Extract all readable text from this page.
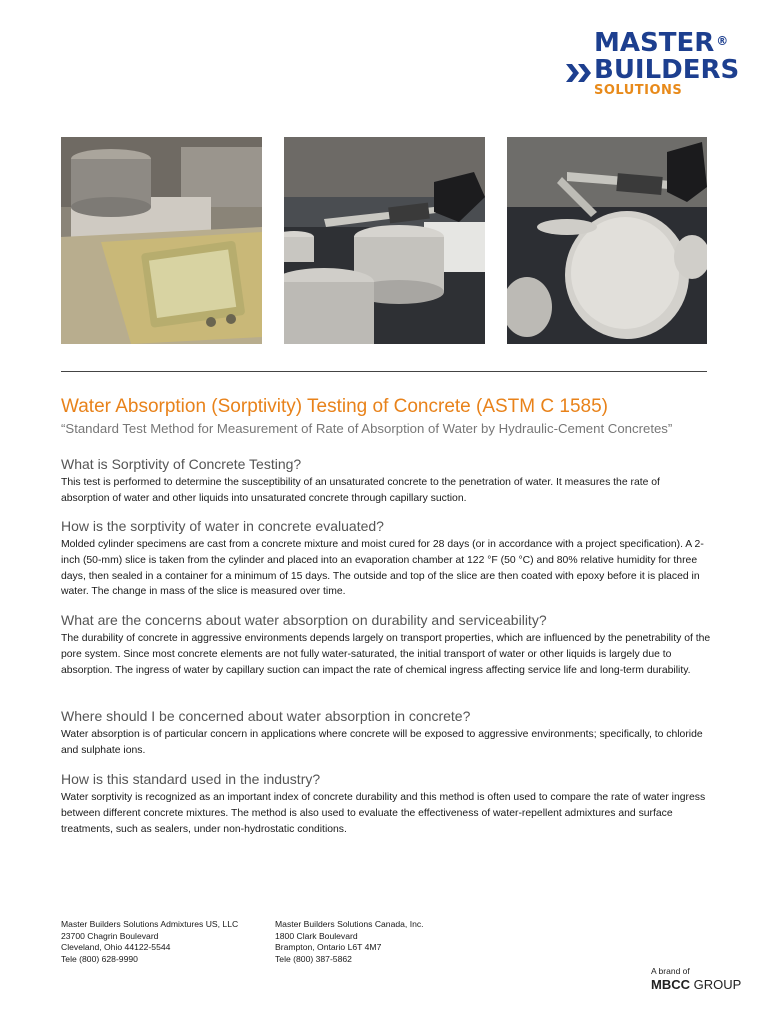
MASTER ®
BUILDERS
SOLUTIONS
Water Absorption (Sorptivity) Testing of Concrete (ASTM C 1585)
“Standard Test Method for Measurement of Rate of Absorption of Water by Hydraulic-Cement Concretes”
What is Sorptivity of Concrete Testing?

This test is performed to determine the susceptibility of an unsaturated concrete to the penetration of water. It measures the rate of absorption of water and other liquids into unsaturated concrete through capillary suction.

How is the sorptivity of water in concrete evaluated?

Molded cylinder specimens are cast from a concrete mixture and moist cured for 28 days (or in accordance with a project specification). A 2-inch (50-mm) slice is taken from the cylinder and placed into an evaporation chamber at 122 °F (50 °C) and 80% relative humidity for three days, then sealed in a container for a minimum of 15 days. The outside and top of the slice are then coated with epoxy before it is placed in water. The change in mass of the slice is measured over time.

What are the concerns about water absorption on durability and serviceability?

The durability of concrete in aggressive environments depends largely on transport properties, which are influenced by the penetrability of the pore system. Since most concrete elements are not fully water-saturated, the initial transport of water or other liquids is largely due to absorption. The ingress of water by capillary suction can impact the rate of chemical ingress affecting service life and long-term durability.

Where should I be concerned about water absorption in concrete?

Water absorption is of particular concern in applications where concrete will be exposed to aggressive environments; specifically, to chloride and sulphate ions.

How is this standard used in the industry?

Water sorptivity is recognized as an important index of concrete durability and this method is often used to compare the rate of water ingress between different concrete mixtures. The method is also used to evaluate the effectiveness of water-repellent admixtures and surface treatments, such as sealers, under non-hydrostatic conditions.

Master Builders Solutions Admixtures US, LLC
23700 Chagrin Boulevard
Cleveland, Ohio 44122-5544
Tele (800) 628-9990
Master Builders Solutions Canada, Inc.
1800 Clark Boulevard
Brampton, Ontario L6T 4M7
Tele (800) 387-5862
A brand of
MBCC GROUP
